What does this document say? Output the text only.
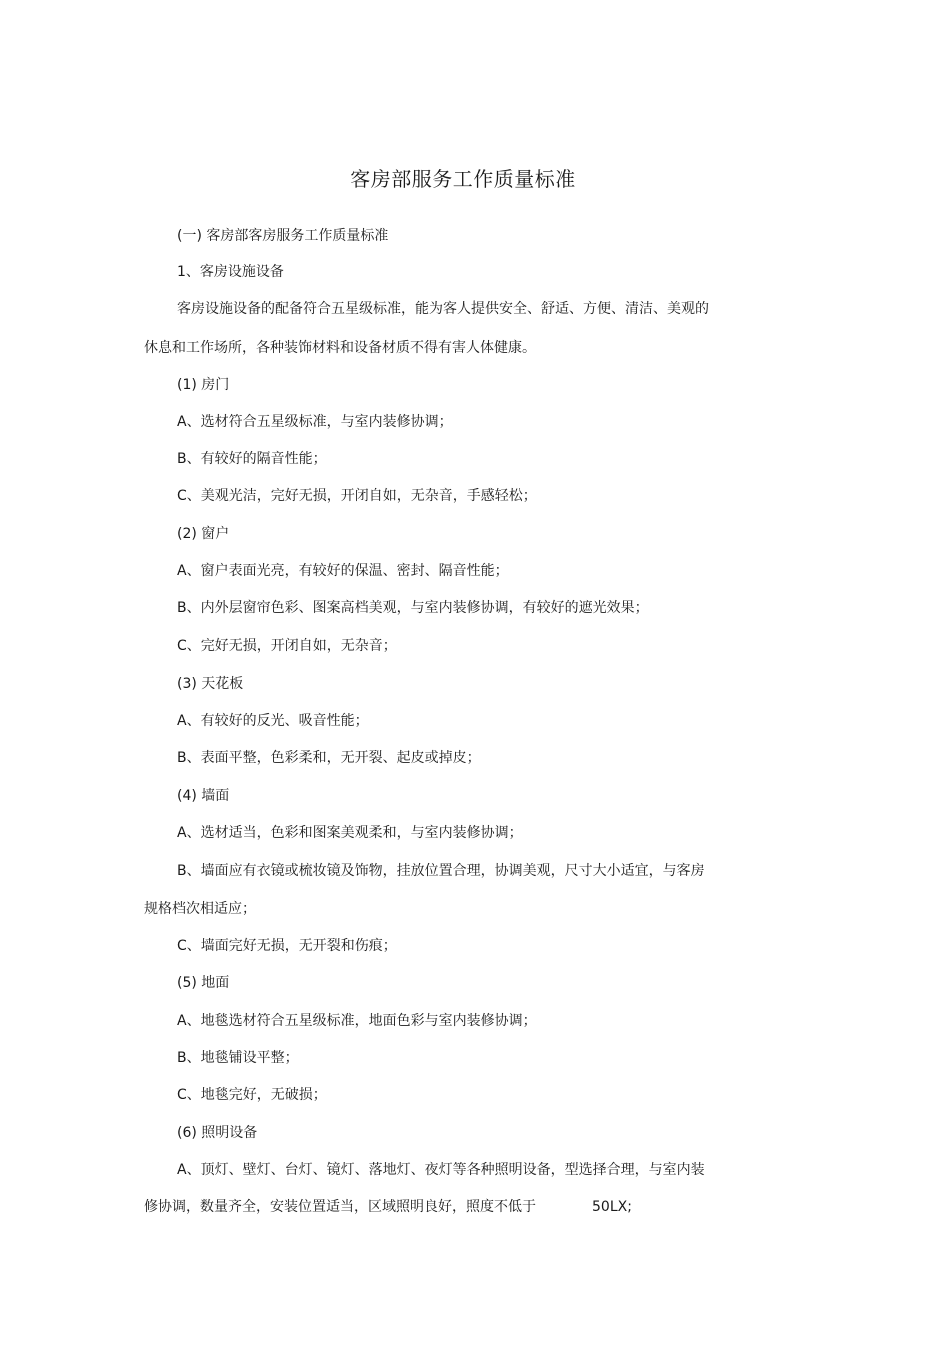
客房部服务工作质量标准
(一) 客房部客房服务工作质量标准
1、客房设施设备
客房设施设备的配备符合五星级标准，能为客人提供安全、舒适、方便、清洁、美观的
休息和工作场所，各种装饰材料和设备材质不得有害人体健康。
(1) 房门
A、选材符合五星级标准，与室内装修协调；
B、有较好的隔音性能；
C、美观光洁，完好无损，开闭自如，无杂音，手感轻松；
(2) 窗户
A、窗户表面光亮，有较好的保温、密封、隔音性能；
B、内外层窗帘色彩、图案高档美观，与室内装修协调，有较好的遮光效果；
C、完好无损，开闭自如，无杂音；
(3) 天花板
A、有较好的反光、吸音性能；
B、表面平整，色彩柔和，无开裂、起皮或掉皮；
(4) 墙面
A、选材适当，色彩和图案美观柔和，与室内装修协调；
B、墙面应有衣镜或梳妆镜及饰物，挂放位置合理，协调美观，尺寸大小适宜，与客房
规格档次相适应；
C、墙面完好无损，无开裂和伤痕；
(5) 地面
A、地毯选材符合五星级标准，地面色彩与室内装修协调；
B、地毯铺设平整；
C、地毯完好，无破损；
(6) 照明设备
A、顶灯、壁灯、台灯、镜灯、落地灯、夜灯等各种照明设备，型选择合理，与室内装
修协调，数量齐全，安装位置适当，区域照明良好，照度不低于	50LX;
